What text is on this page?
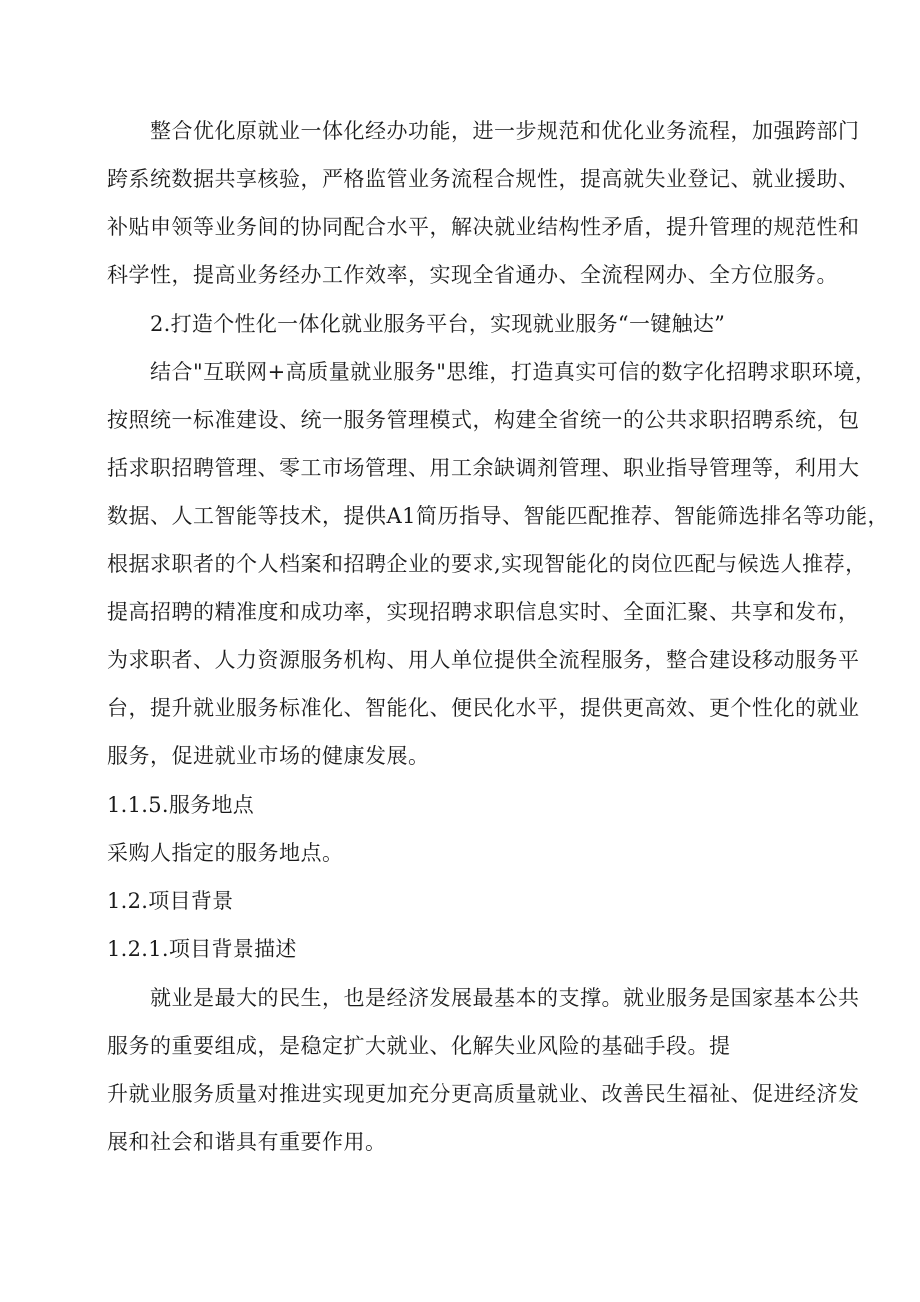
整合优化原就业一体化经办功能，进一步规范和优化业务流程，加强跨部门
跨系统数据共享核验，严格监管业务流程合规性，提高就失业登记、就业援助、
补贴申领等业务间的协同配合水平，解决就业结构性矛盾，提升管理的规范性和
科学性，提高业务经办工作效率，实现全省通办、全流程网办、全方位服务。
2.打造个性化一体化就业服务平台，实现就业服务“一键触达”
结合"互联网+高质量就业服务"思维，打造真实可信的数字化招聘求职环境，
按照统一标准建设、统一服务管理模式，构建全省统一的公共求职招聘系统，包
括求职招聘管理、零工市场管理、用工余缺调剂管理、职业指导管理等，利用大
数据、人工智能等技术，提供A1简历指导、智能匹配推荐、智能筛选排名等功能，
根据求职者的个人档案和招聘企业的要求,实现智能化的岗位匹配与候选人推荐，
提高招聘的精准度和成功率，实现招聘求职信息实时、全面汇聚、共享和发布，
为求职者、人力资源服务机构、用人单位提供全流程服务，整合建设移动服务平
台，提升就业服务标准化、智能化、便民化水平，提供更高效、更个性化的就业
服务，促进就业市场的健康发展。
1.1.5.服务地点
采购人指定的服务地点。
1.2.项目背景
1.2.1.项目背景描述
就业是最大的民生，也是经济发展最基本的支撑。就业服务是国家基本公共
服务的重要组成，是稳定扩大就业、化解失业风险的基础手段。提
升就业服务质量对推进实现更加充分更高质量就业、改善民生福祉、促进经济发
展和社会和谐具有重要作用。
